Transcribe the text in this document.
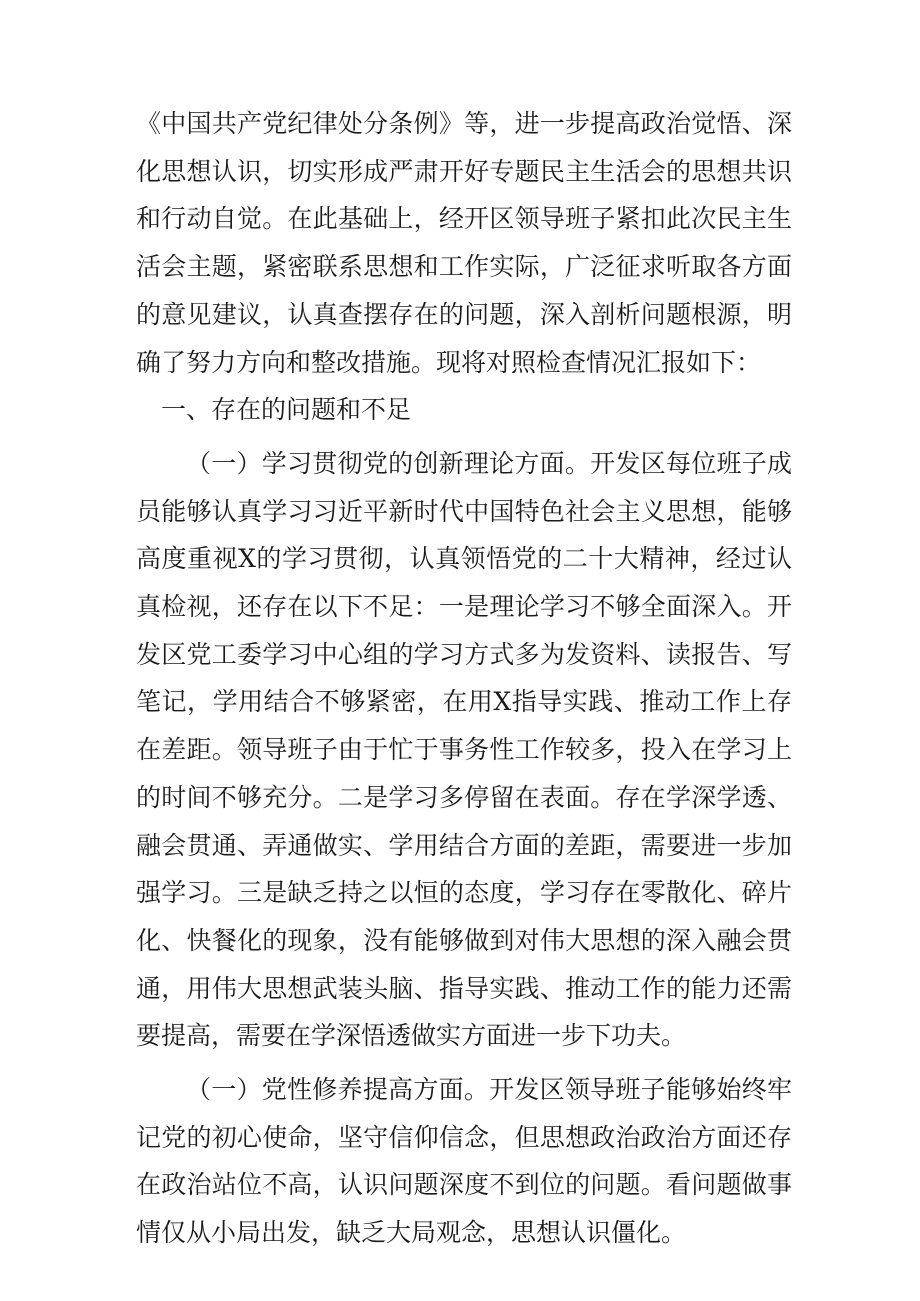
《中国共产党纪律处分条例》等，进一步提高政治觉悟、深化思想认识，切实形成严肃开好专题民主生活会的思想共识和行动自觉。在此基础上，经开区领导班子紧扣此次民主生活会主题，紧密联系思想和工作实际，广泛征求听取各方面的意见建议，认真查摆存在的问题，深入剖析问题根源，明确了努力方向和整改措施。现将对照检查情况汇报如下：

一、存在的问题和不足

（一）学习贯彻党的创新理论方面。开发区每位班子成员能够认真学习习近平新时代中国特色社会主义思想，能够高度重视X的学习贯彻，认真领悟党的二十大精神，经过认真检视，还存在以下不足：一是理论学习不够全面深入。开发区党工委学习中心组的学习方式多为发资料、读报告、写笔记，学用结合不够紧密，在用X指导实践、推动工作上存在差距。领导班子由于忙于事务性工作较多，投入在学习上的时间不够充分。二是学习多停留在表面。存在学深学透、融会贯通、弄通做实、学用结合方面的差距，需要进一步加强学习。三是缺乏持之以恒的态度，学习存在零散化、碎片化、快餐化的现象，没有能够做到对伟大思想的深入融会贯通，用伟大思想武装头脑、指导实践、推动工作的能力还需要提高，需要在学深悟透做实方面进一步下功夫。

（一）党性修养提高方面。开发区领导班子能够始终牢记党的初心使命，坚守信仰信念，但思想政治政治方面还存在政治站位不高，认识问题深度不到位的问题。看问题做事情仅从小局出发，缺乏大局观念，思想认识僵化。
